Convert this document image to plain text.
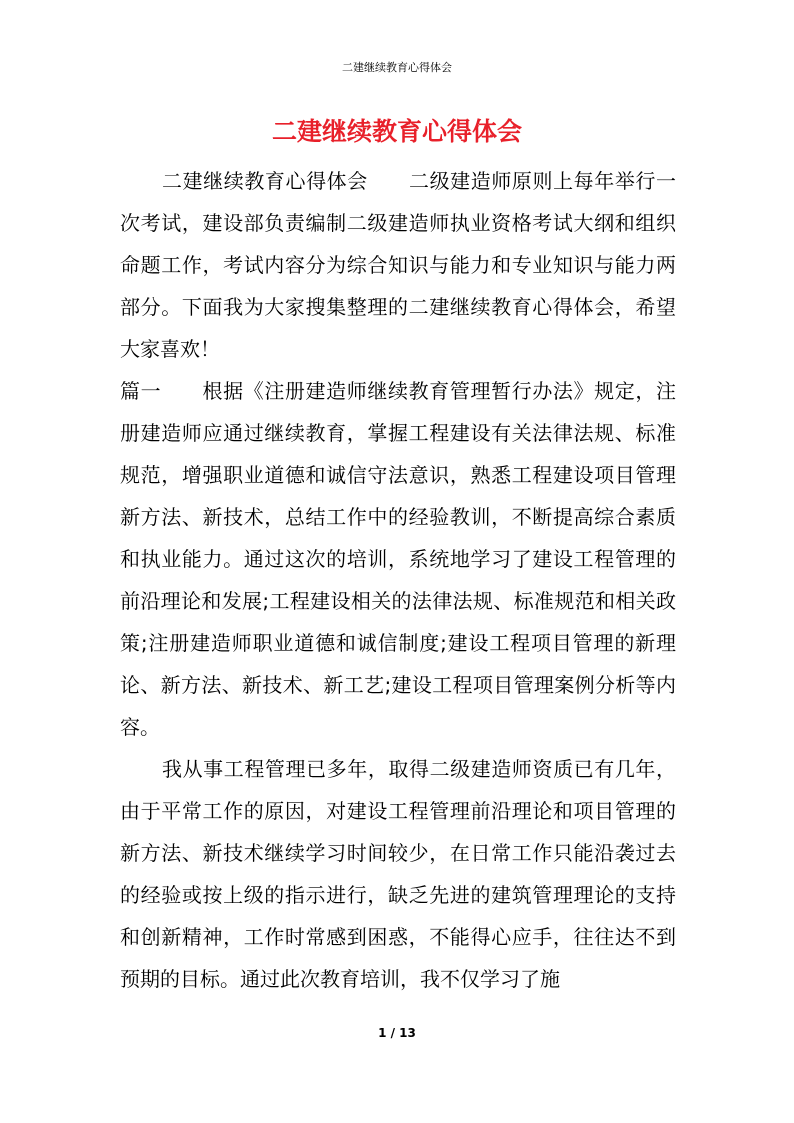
二建继续教育心得体会
二建继续教育心得体会

二建继续教育心得体会　　 二级建造师原则上每年举行一次考试，建设部负责编制二级建造师执业资格考试大纲和组织命题工作，考试内容分为综合知识与能力和专业知识与能力两部分。下面我为大家搜集整理的二建继续教育心得体会，希望大家喜欢！

篇一　　 根据《注册建造师继续教育管理暂行办法》规定，注册建造师应通过继续教育，掌握工程建设有关法律法规、标准规范，增强职业道德和诚信守法意识，熟悉工程建设项目管理新方法、新技术，总结工作中的经验教训，不断提高综合素质和执业能力。通过这次的培训，系统地学习了建设工程管理的前沿理论和发展;工程建设相关的法律法规、标准规范和相关政策;注册建造师职业道德和诚信制度;建设工程项目管理的新理论、新方法、新技术、新工艺;建设工程项目管理案例分析等内容。

我从事工程管理已多年，取得二级建造师资质已有几年，由于平常工作的原因，对建设工程管理前沿理论和项目管理的新方法、新技术继续学习时间较少，在日常工作只能沿袭过去的经验或按上级的指示进行，缺乏先进的建筑管理理论的支持和创新精神，工作时常感到困惑，不能得心应手，往往达不到预期的目标。通过此次教育培训，我不仅学习了施

1 / 13
